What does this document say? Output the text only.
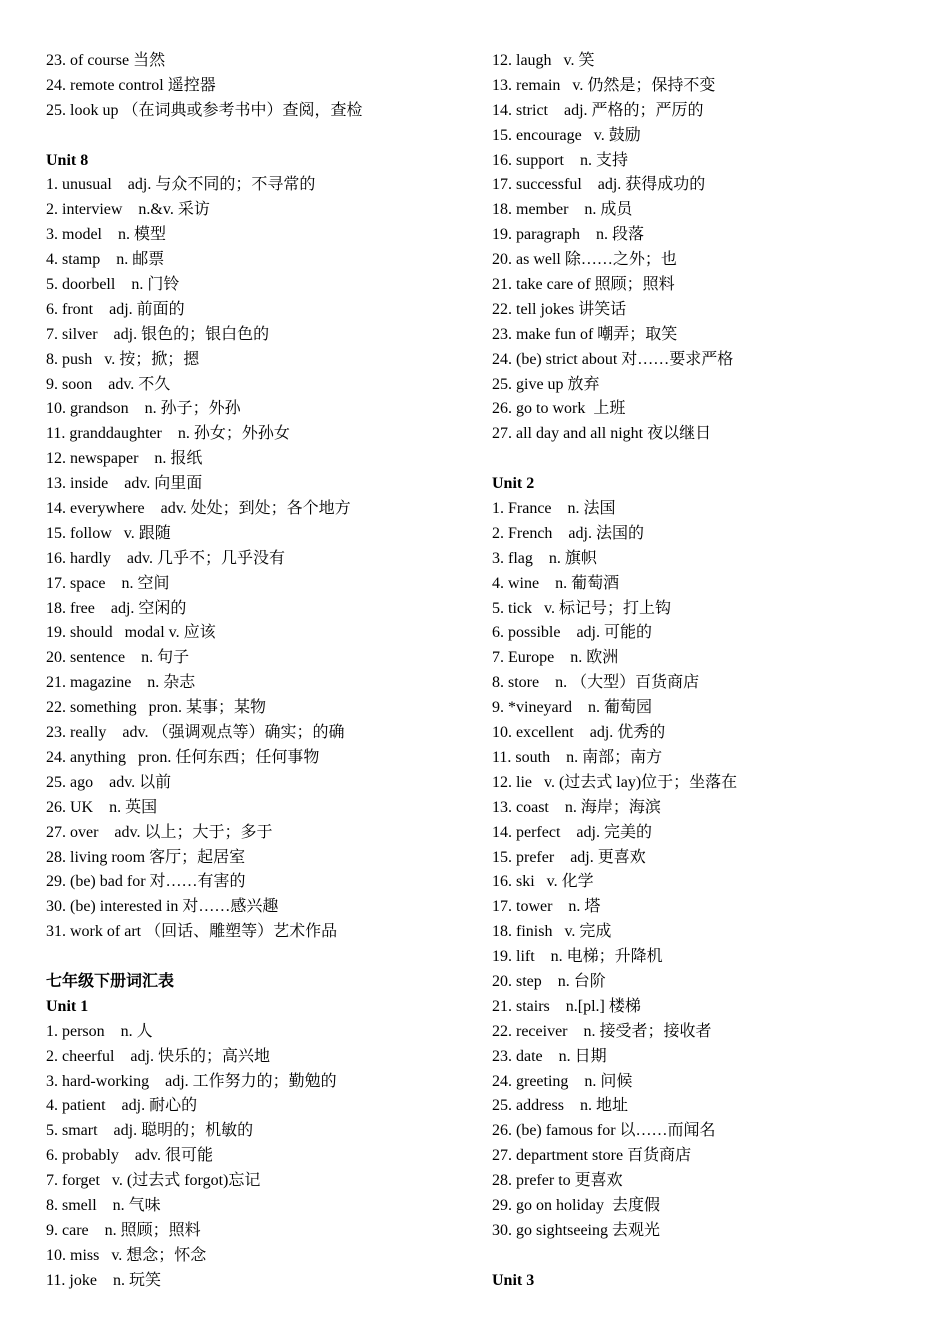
23. of course 当然
24. remote control 遥控器
25. look up （在词典或参考书中）查阅，查检
Unit 8
1. unusual    adj. 与众不同的；不寻常的
2. interview    n.&v. 采访
3. model    n. 模型
4. stamp    n. 邮票
5. doorbell    n. 门铃
6. front    adj. 前面的
7. silver    adj. 银色的；银白色的
8. push   v. 按；掀；摁
9. soon    adv. 不久
10. grandson    n. 孙子；外孙
11. granddaughter    n. 孙女；外孙女
12. newspaper    n. 报纸
13. inside    adv. 向里面
14. everywhere    adv. 处处；到处；各个地方
15. follow   v. 跟随
16. hardly    adv. 几乎不；几乎没有
17. space    n. 空间
18. free    adj. 空闲的
19. should   modal v. 应该
20. sentence    n. 句子
21. magazine    n. 杂志
22. something   pron. 某事；某物
23. really    adv. （强调观点等）确实；的确
24. anything   pron. 任何东西；任何事物
25. ago    adv. 以前
26. UK    n. 英国
27. over    adv. 以上；大于；多于
28. living room 客厅；起居室
29. (be) bad for 对……有害的
30. (be) interested in 对……感兴趣
31. work of art （回话、雕塑等）艺术作品
七年级下册词汇表
Unit 1
1. person    n. 人
2. cheerful    adj. 快乐的；高兴地
3. hard-working    adj. 工作努力的；勤勉的
4. patient    adj. 耐心的
5. smart    adj. 聪明的；机敏的
6. probably    adv. 很可能
7. forget   v. (过去式 forgot)忘记
8. smell    n. 气味
9. care    n. 照顾；照料
10. miss   v. 想念；怀念
11. joke    n. 玩笑
12. laugh   v. 笑
13. remain   v. 仍然是；保持不变
14. strict    adj. 严格的；严厉的
15. encourage   v. 鼓励
16. support    n. 支持
17. successful    adj. 获得成功的
18. member    n. 成员
19. paragraph    n. 段落
20. as well 除……之外；也
21. take care of 照顾；照料
22. tell jokes 讲笑话
23. make fun of 嘲弄；取笑
24. (be) strict about 对……要求严格
25. give up 放弃
26. go to work  上班
27. all day and all night 夜以继日
Unit 2
1. France    n. 法国
2. French    adj. 法国的
3. flag    n. 旗帜
4. wine    n. 葡萄酒
5. tick   v. 标记号；打上钩
6. possible    adj. 可能的
7. Europe    n. 欧洲
8. store    n. （大型）百货商店
9. *vineyard    n. 葡萄园
10. excellent    adj. 优秀的
11. south    n. 南部；南方
12. lie   v. (过去式 lay)位于；坐落在
13. coast    n. 海岸；海滨
14. perfect    adj. 完美的
15. prefer    adj. 更喜欢
16. ski   v. 化学
17. tower    n. 塔
18. finish   v. 完成
19. lift    n. 电梯；升降机
20. step    n. 台阶
21. stairs    n.[pl.] 楼梯
22. receiver    n. 接受者；接收者
23. date    n. 日期
24. greeting    n. 问候
25. address    n. 地址
26. (be) famous for 以……而闻名
27. department store 百货商店
28. prefer to 更喜欢
29. go on holiday  去度假
30. go sightseeing 去观光
Unit 3
